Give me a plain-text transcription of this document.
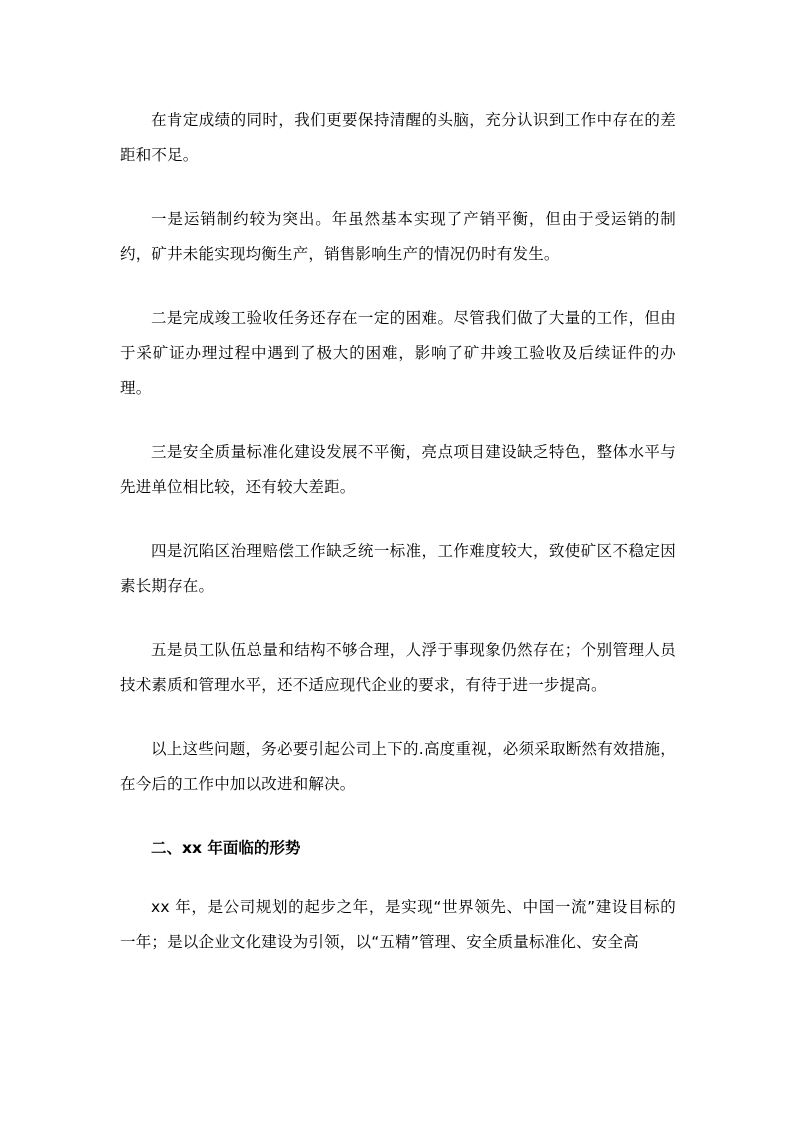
在肯定成绩的同时，我们更要保持清醒的头脑，充分认识到工作中存在的差距和不足。

一是运销制约较为突出。年虽然基本实现了产销平衡，但由于受运销的制约，矿井未能实现均衡生产，销售影响生产的情况仍时有发生。

二是完成竣工验收任务还存在一定的困难。尽管我们做了大量的工作，但由于采矿证办理过程中遇到了极大的困难，影响了矿井竣工验收及后续证件的办理。

三是安全质量标准化建设发展不平衡，亮点项目建设缺乏特色，整体水平与先进单位相比较，还有较大差距。

四是沉陷区治理赔偿工作缺乏统一标准，工作难度较大，致使矿区不稳定因素长期存在。

五是员工队伍总量和结构不够合理，人浮于事现象仍然存在；个别管理人员技术素质和管理水平，还不适应现代企业的要求，有待于进一步提高。

以上这些问题，务必要引起公司上下的.高度重视，必须采取断然有效措施，在今后的工作中加以改进和解决。

二、xx 年面临的形势

xx 年，是公司规划的起步之年，是实现“世界领先、中国一流”建设目标的一年；是以企业文化建设为引领，以“五精”管理、安全质量标准化、安全高
